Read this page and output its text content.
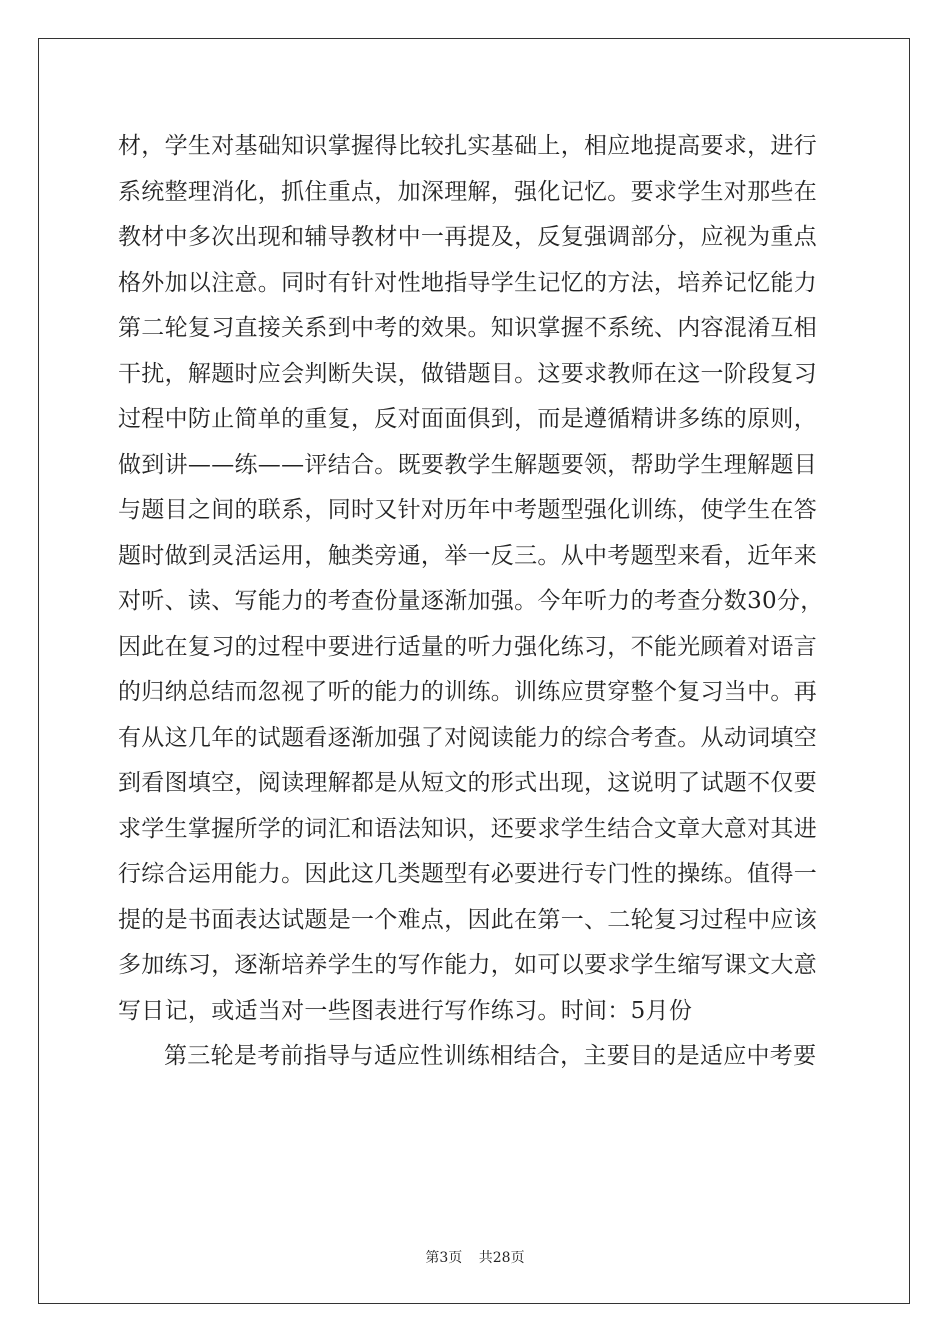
材，学生对基础知识掌握得比较扎实基础上，相应地提高要求，进行
系统整理消化，抓住重点，加深理解，强化记忆。要求学生对那些在
教材中多次出现和辅导教材中一再提及，反复强调部分，应视为重点
格外加以注意。同时有针对性地指导学生记忆的方法，培养记忆能力
第二轮复习直接关系到中考的效果。知识掌握不系统、内容混淆互相
干扰，解题时应会判断失误，做错题目。这要求教师在这一阶段复习
过程中防止简单的重复，反对面面俱到，而是遵循精讲多练的原则，
做到讲——练——评结合。既要教学生解题要领，帮助学生理解题目
与题目之间的联系，同时又针对历年中考题型强化训练，使学生在答
题时做到灵活运用，触类旁通，举一反三。从中考题型来看，近年来
对听、读、写能力的考查份量逐渐加强。今年听力的考查分数30分，
因此在复习的过程中要进行适量的听力强化练习，不能光顾着对语言
的归纳总结而忽视了听的能力的训练。训练应贯穿整个复习当中。再
有从这几年的试题看逐渐加强了对阅读能力的综合考查。从动词填空
到看图填空，阅读理解都是从短文的形式出现，这说明了试题不仅要
求学生掌握所学的词汇和语法知识，还要求学生结合文章大意对其进
行综合运用能力。因此这几类题型有必要进行专门性的操练。值得一
提的是书面表达试题是一个难点，因此在第一、二轮复习过程中应该
多加练习，逐渐培养学生的写作能力，如可以要求学生缩写课文大意
写日记，或适当对一些图表进行写作练习。时间：5月份
第三轮是考前指导与适应性训练相结合，主要目的是适应中考要
第3页 共28页
